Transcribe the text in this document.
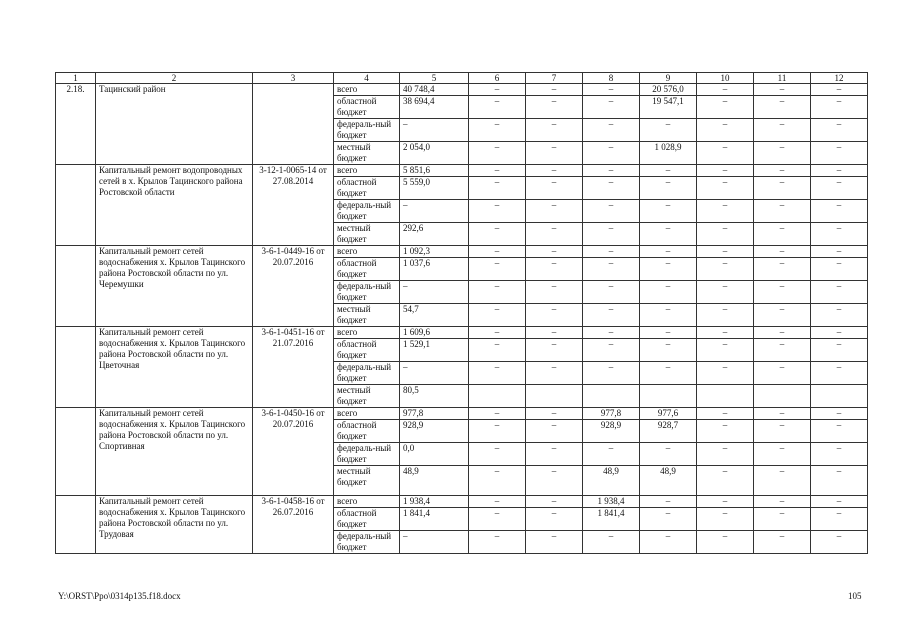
1	2	3	4	5	6	7	8	9	10	11	12
2.18.	Тацинский район		всего	40 748,4	–	–	–	20 576,0	–	–	–
			областной бюджет	38 694,4	–	–	–	19 547,1	–	–	–
			федераль-ный бюджет	–	–	–	–	–	–	–	–
			местный бюджет	2 054,0	–	–	–	1 028,9	–	–	–
	Капитальный ремонт водопроводных сетей в х. Крылов Тацинского района Ростовской области	3-12-1-0065-14 от 27.08.2014	всего	5 851,6	–	–	–	–	–	–	–
			областной бюджет	5 559,0	–	–	–	–	–	–	–
			федераль-ный бюджет	–	–	–	–	–	–	–	–
			местный бюджет	292,6	–	–	–	–	–	–	–
	Капитальный ремонт сетей водоснабжения х. Крылов Тацинского района Ростовской области по ул. Черемушки	3-6-1-0449-16 от 20.07.2016	всего	1 092,3	–	–	–	–	–	–	–
			областной бюджет	1 037,6	–	–	–	–	–	–	–
			федераль-ный бюджет	–	–	–	–	–	–	–	–
			местный бюджет	54,7	–	–	–	–	–	–	–
	Капитальный ремонт сетей водоснабжения х. Крылов Тацинского района Ростовской области по ул. Цветочная	3-6-1-0451-16 от 21.07.2016	всего	1 609,6	–	–	–	–	–	–	–
			областной бюджет	1 529,1	–	–	–	–	–	–	–
			федераль-ный бюджет	–	–	–	–	–	–	–	–
			местный бюджет	80,5							
	Капитальный ремонт сетей водоснабжения х. Крылов Тацинского района Ростовской области по ул. Спортивная	3-6-1-0450-16 от 20.07.2016	всего	977,8	–	–	977,8	977,6	–	–	–
			областной бюджет	928,9	–	–	928,9	928,7	–	–	–
			федераль-ный бюджет	0,0	–	–	–	–	–	–	–
			местный бюджет	48,9	–	–	48,9	48,9	–	–	–
	Капитальный ремонт сетей водоснабжения х. Крылов Тацинского района Ростовской области по ул. Трудовая	3-6-1-0458-16 от 26.07.2016	всего	1 938,4	–	–	1 938,4	–	–	–	–
			областной бюджет	1 841,4	–	–	1 841,4	–	–	–	–
			федераль-ный бюджет	–	–	–	–	–	–	–	–
Y:\ORST\Ppo\0314p135.f18.docx	105
